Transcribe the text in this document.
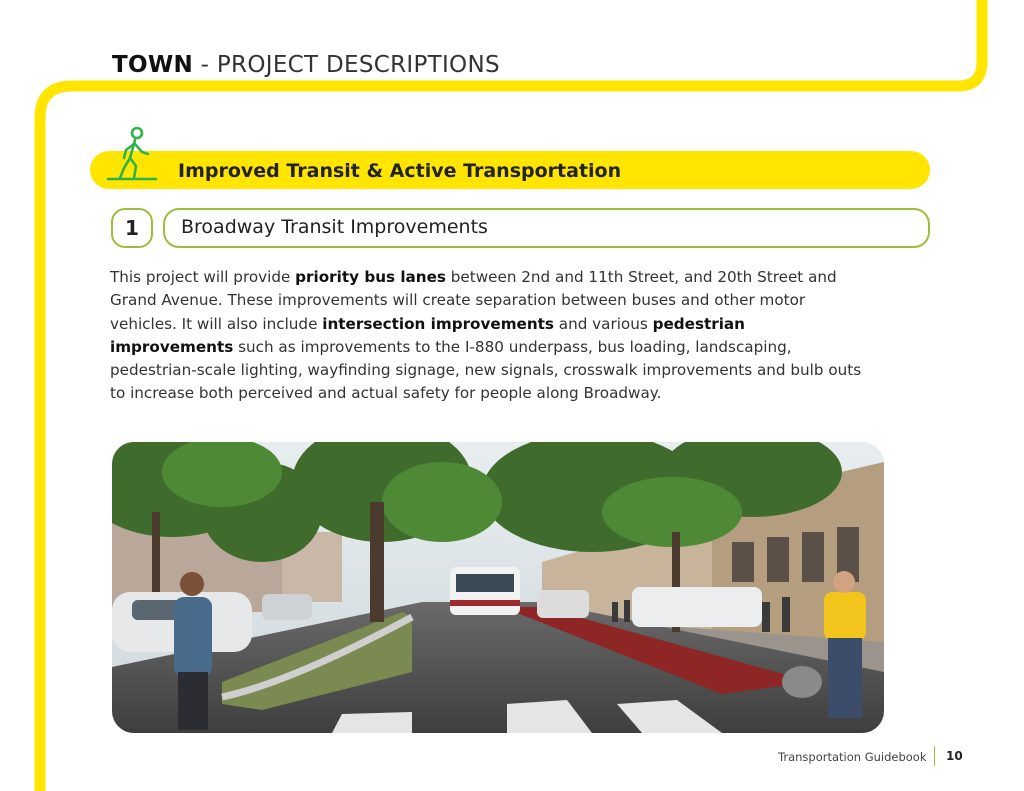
TOWN - PROJECT DESCRIPTIONS
Improved Transit & Active Transportation
1	Broadway Transit Improvements
This project will provide priority bus lanes between 2nd and 11th Street, and 20th Street and Grand Avenue. These improvements will create separation between buses and other motor vehicles. It will also include intersection improvements and various pedestrian improvements such as improvements to the I-880 underpass, bus loading, landscaping, pedestrian-scale lighting, wayfinding signage, new signals, crosswalk improvements and bulb outs to increase both perceived and actual safety for people along Broadway.
Transportation Guidebook 10
